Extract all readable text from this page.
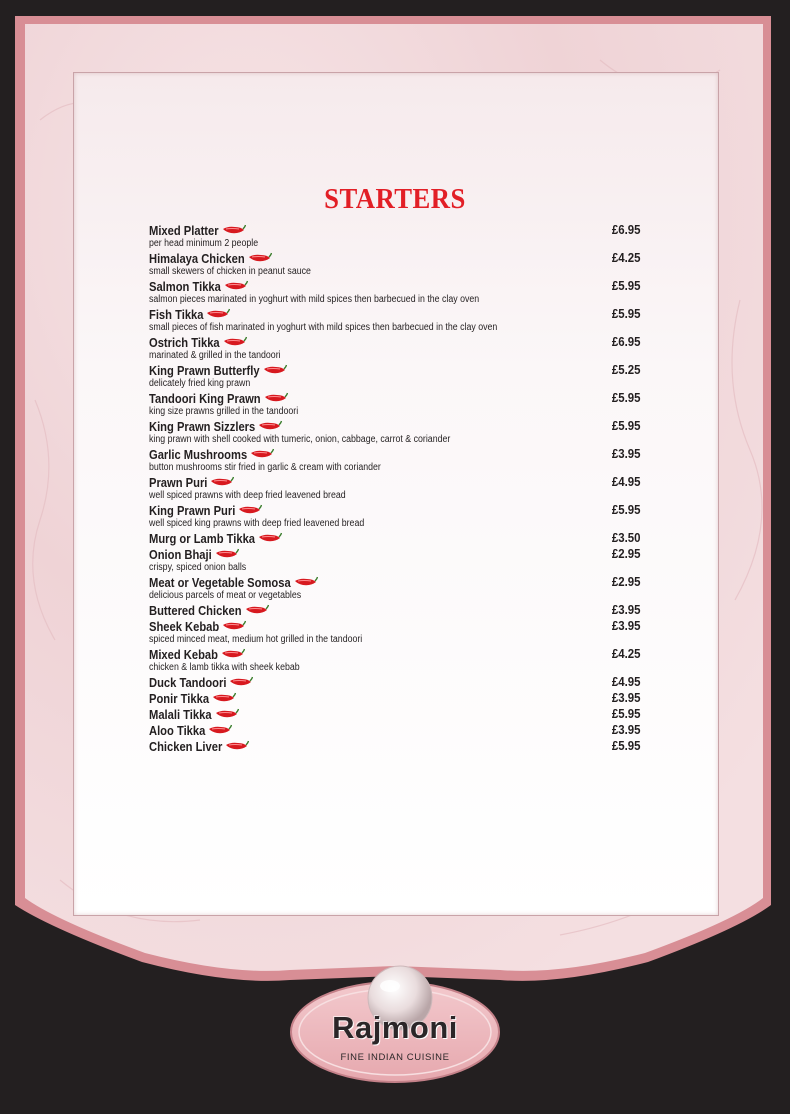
STARTERS
Mixed Platter	£6.95
per head minimum 2 people
Himalaya Chicken	£4.25
small skewers of chicken in peanut sauce
Salmon Tikka	£5.95
salmon pieces marinated in yoghurt with mild spices then barbecued in the clay oven
Fish Tikka	£5.95
small pieces of fish marinated in yoghurt with mild spices then barbecued in the clay oven
Ostrich Tikka	£6.95
marinated & grilled in the tandoori
King Prawn Butterfly	£5.25
delicately fried king prawn
Tandoori King Prawn	£5.95
king size prawns grilled in the tandoori
King Prawn Sizzlers	£5.95
king prawn with shell cooked with tumeric, onion, cabbage, carrot & coriander
Garlic Mushrooms	£3.95
button mushrooms stir fried in garlic & cream with coriander
Prawn Puri	£4.95
well spiced prawns with deep fried leavened bread
King Prawn Puri	£5.95
well spiced king prawns with deep fried leavened bread
Murg or Lamb Tikka	£3.50
Onion Bhaji	£2.95
crispy, spiced onion balls
Meat or Vegetable Somosa	£2.95
delicious parcels of meat or vegetables
Buttered Chicken	£3.95
Sheek Kebab	£3.95
spiced minced meat, medium hot grilled in the tandoori
Mixed Kebab	£4.25
chicken & lamb tikka with sheek kebab
Duck Tandoori	£4.95
Ponir Tikka	£3.95
Malali Tikka	£5.95
Aloo Tikka	£3.95
Chicken Liver	£5.95
Rajmoni
FINE INDIAN CUISINE
